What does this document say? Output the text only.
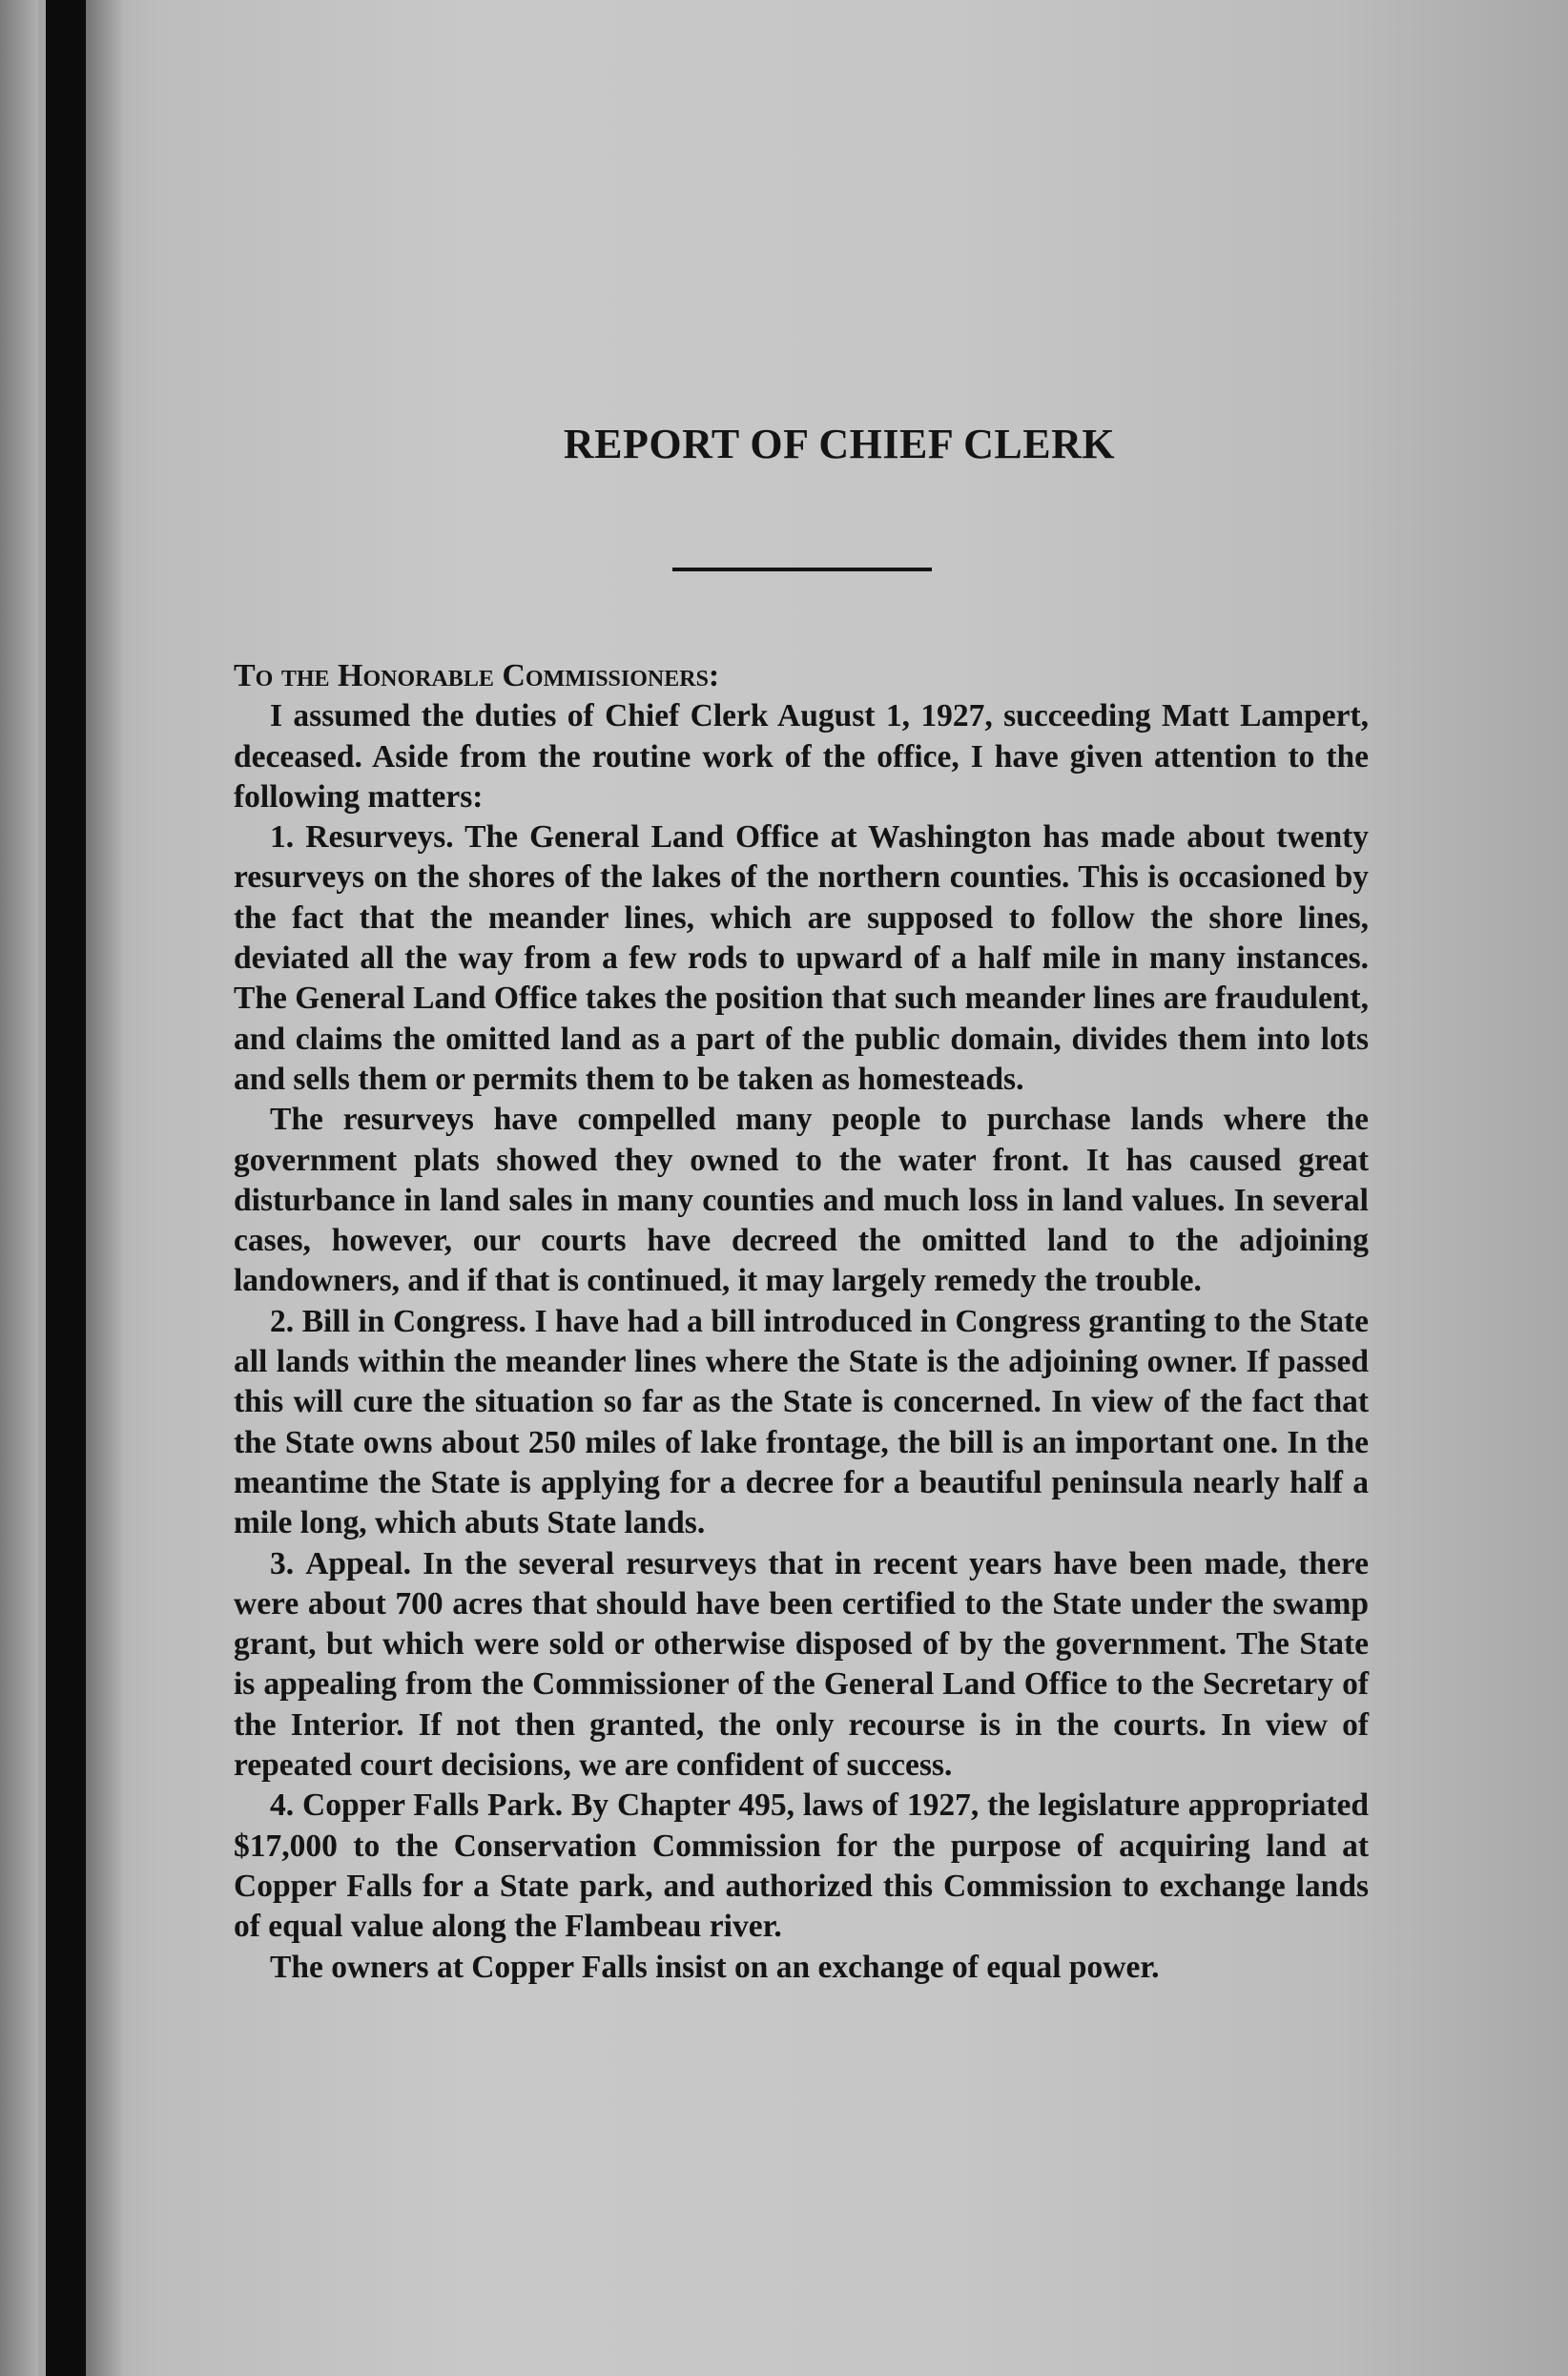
REPORT OF CHIEF CLERK
To the Honorable Commissioners:

I assumed the duties of Chief Clerk August 1, 1927, succeeding Matt Lampert, deceased. Aside from the routine work of the office, I have given attention to the following matters:

1. Resurveys. The General Land Office at Washington has made about twenty resurveys on the shores of the lakes of the northern counties. This is occasioned by the fact that the meander lines, which are supposed to follow the shore lines, deviated all the way from a few rods to upward of a half mile in many instances. The General Land Office takes the position that such meander lines are fraudulent, and claims the omitted land as a part of the public domain, divides them into lots and sells them or permits them to be taken as homesteads.

The resurveys have compelled many people to purchase lands where the government plats showed they owned to the water front. It has caused great disturbance in land sales in many counties and much loss in land values. In several cases, however, our courts have decreed the omitted land to the adjoining landowners, and if that is continued, it may largely remedy the trouble.

2. Bill in Congress. I have had a bill introduced in Congress granting to the State all lands within the meander lines where the State is the adjoining owner. If passed this will cure the situation so far as the State is concerned. In view of the fact that the State owns about 250 miles of lake frontage, the bill is an important one. In the meantime the State is applying for a decree for a beautiful peninsula nearly half a mile long, which abuts State lands.

3. Appeal. In the several resurveys that in recent years have been made, there were about 700 acres that should have been certified to the State under the swamp grant, but which were sold or otherwise disposed of by the government. The State is appealing from the Commissioner of the General Land Office to the Secretary of the Interior. If not then granted, the only recourse is in the courts. In view of repeated court decisions, we are confident of success.

4. Copper Falls Park. By Chapter 495, laws of 1927, the legislature appropriated $17,000 to the Conservation Commission for the purpose of acquiring land at Copper Falls for a State park, and authorized this Commission to exchange lands of equal value along the Flambeau river.

The owners at Copper Falls insist on an exchange of equal power.
